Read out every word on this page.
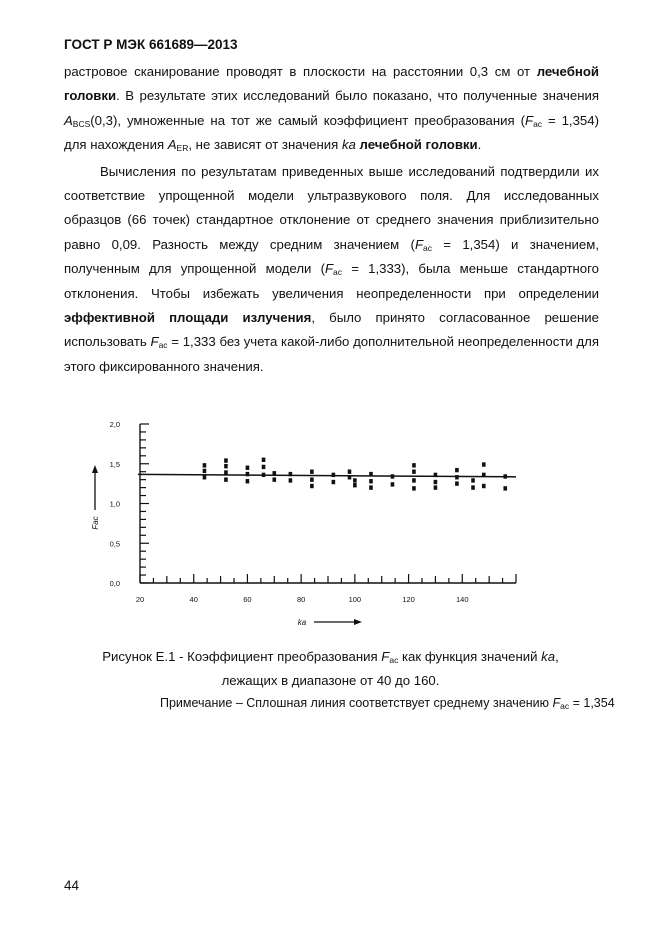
ГОСТ Р МЭК 661689—2013

растровое сканирование проводят в плоскости на расстоянии 0,3 см от лечебной головки. В результате этих исследований было показано, что полученные значения $A_{BCS}(0,3)$, умноженные на тот же самый коэффициент преобразования $(F_{ac} = 1,354)$ для нахождения $A_{ER}$, не зависят от значения ka лечебной головки.

Вычисления по результатам приведенных выше исследований подтвердили их соответствие упрощенной модели ультразвукового поля. Для исследованных образцов (66 точек) стандартное отклонение от среднего значения приблизительно равно 0,09. Разность между средним значением $(F_{ac} = 1,354)$ и значением, полученным для упрощенной модели $(F_{ac} = 1,333)$, была меньше стандартного отклонения. Чтобы избежать увеличения неопределенности при определении эффективной площади излучения, было принято согласованное решение использовать $F_{ac} = 1,333$ без учета какой-либо дополнительной неопределенности для этого фиксированного значения.

0,0
0,5
1,0
1,5
2,0
20	40	60	80	100	120	140
ka
Fac
Рисунок Е.1 - Коэффициент преобразования $F_{ac}$ как функция значений ka,
лежащих в диапазоне от 40 до 160.
Примечание – Сплошная линия соответствует среднему значению $F_{ac} = 1,354$
44
